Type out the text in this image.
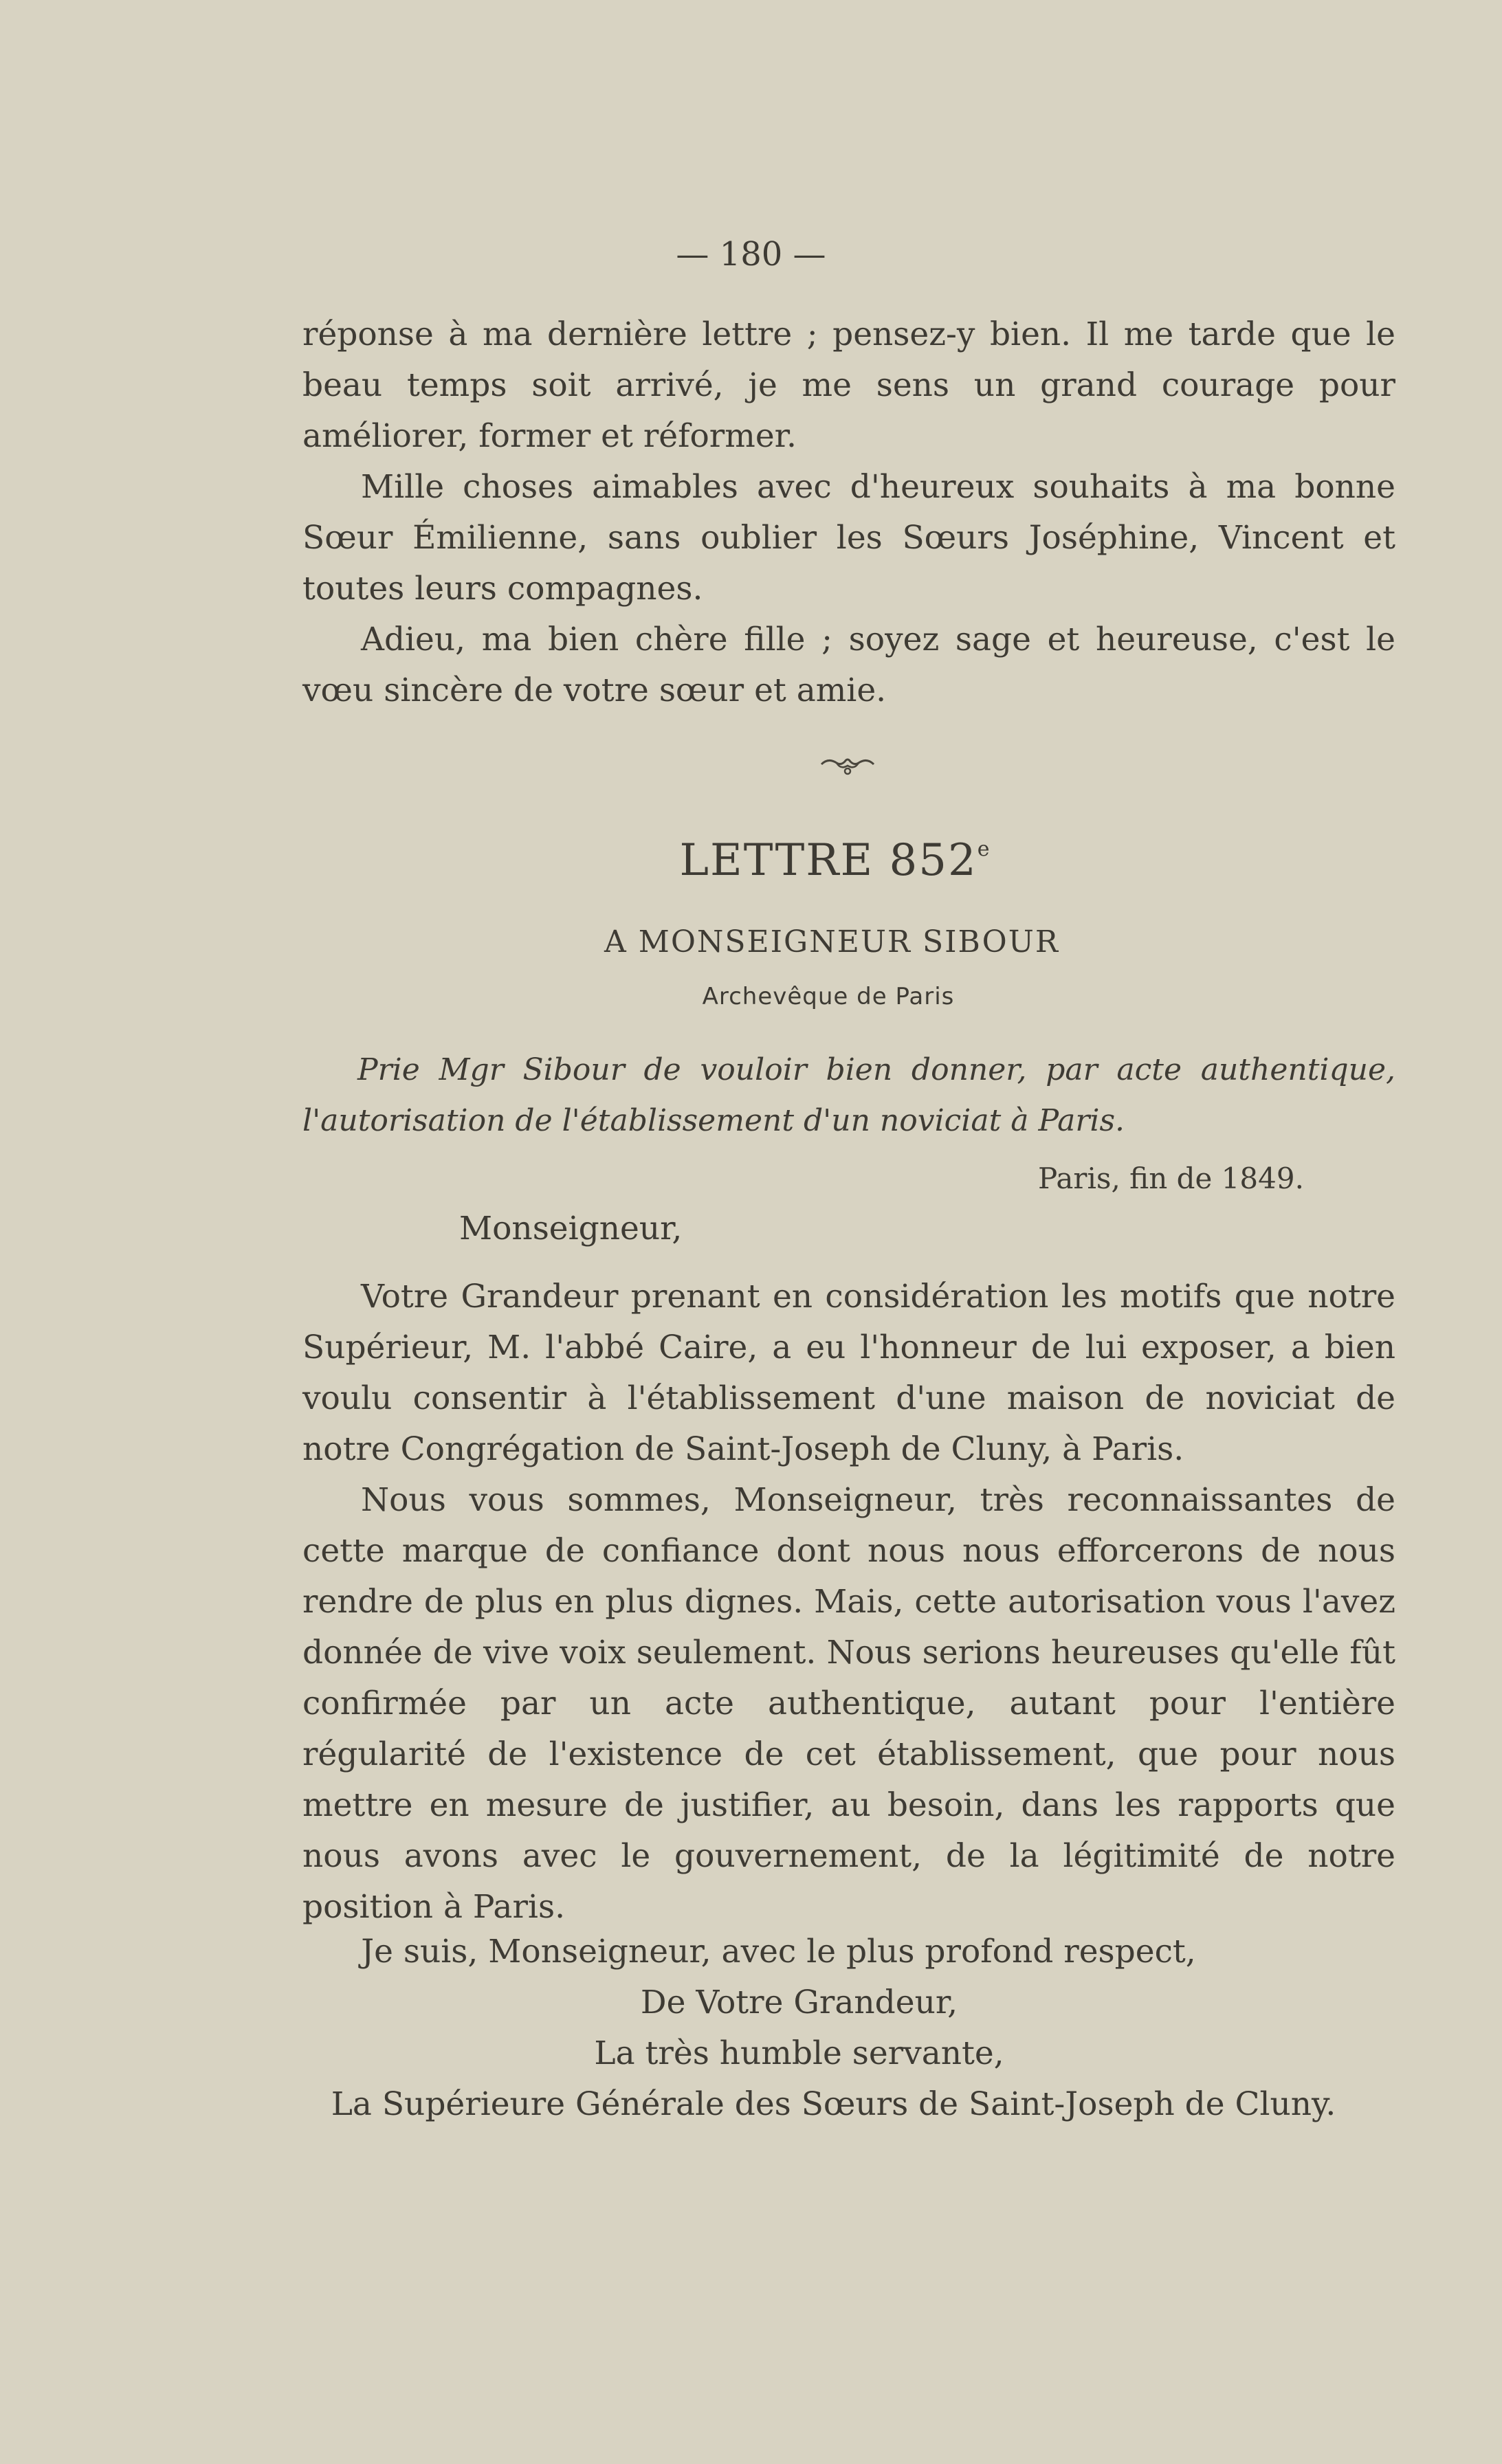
— 180 —

réponse à ma dernière lettre ; pensez-y bien. Il me tarde que le beau temps soit arrivé, je me sens un grand courage pour améliorer, former et réformer.

Mille choses aimables avec d'heureux souhaits à ma bonne Sœur Émilienne, sans oublier les Sœurs Joséphine, Vincent et toutes leurs compagnes.

Adieu, ma bien chère fille ; soyez sage et heureuse, c'est le vœu sincère de votre sœur et amie.

LETTRE 852e
A MONSEIGNEUR SIBOUR
Archevêque de Paris
Prie Mgr Sibour de vouloir bien donner, par acte authentique, l'autorisation de l'établissement d'un noviciat à Paris.
Paris, fin de 1849.
Monseigneur,

Votre Grandeur prenant en considération les motifs que notre Supérieur, M. l'abbé Caire, a eu l'honneur de lui exposer, a bien voulu consentir à l'établissement d'une maison de noviciat de notre Congrégation de Saint-Joseph de Cluny, à Paris.

Nous vous sommes, Monseigneur, très reconnaissantes de cette marque de confiance dont nous nous efforcerons de nous rendre de plus en plus dignes. Mais, cette autorisation vous l'avez donnée de vive voix seulement. Nous serions heureuses qu'elle fût confirmée par un acte authentique, autant pour l'entière régularité de l'existence de cet établissement, que pour nous mettre en mesure de justifier, au besoin, dans les rapports que nous avons avec le gouvernement, de la légitimité de notre position à Paris.

Je suis, Monseigneur, avec le plus profond respect,
De Votre Grandeur,
La très humble servante,
La Supérieure Générale des Sœurs de Saint-Joseph de Cluny.
